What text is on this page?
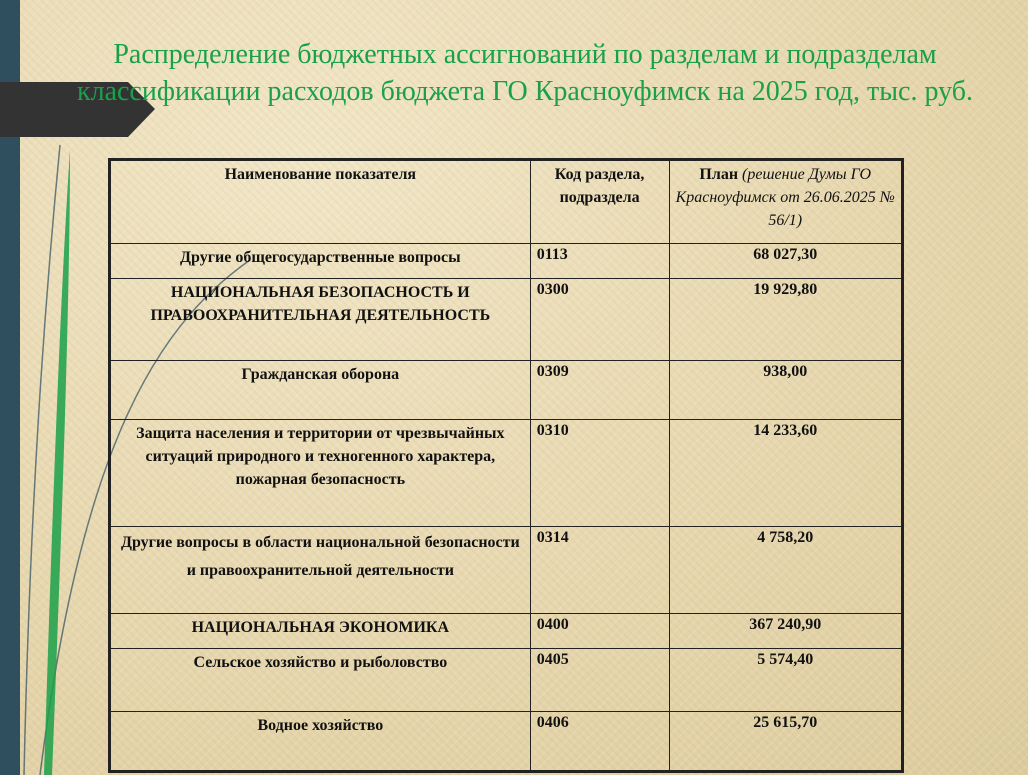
Распределение бюджетных ассигнований по разделам и подразделам классификации расходов бюджета ГО Красноуфимск на 2025 год, тыс. руб.
Наименование показателя	Код раздела, подраздела	План (решение Думы ГО Красноуфимск от 26.06.2025 № 56/1)
Другие общегосударственные вопросы	0113	68 027,30
НАЦИОНАЛЬНАЯ БЕЗОПАСНОСТЬ И ПРАВООХРАНИТЕЛЬНАЯ ДЕЯТЕЛЬНОСТЬ	0300	19 929,80
Гражданская оборона	0309	938,00
Защита населения и территории от чрезвычайных ситуаций природного и техногенного характера, пожарная безопасность	0310	14 233,60
Другие вопросы в области национальной безопасности и правоохранительной деятельности	0314	4 758,20
НАЦИОНАЛЬНАЯ ЭКОНОМИКА	0400	367 240,90
Сельское хозяйство и рыболовство	0405	5 574,40
Водное хозяйство	0406	25 615,70
